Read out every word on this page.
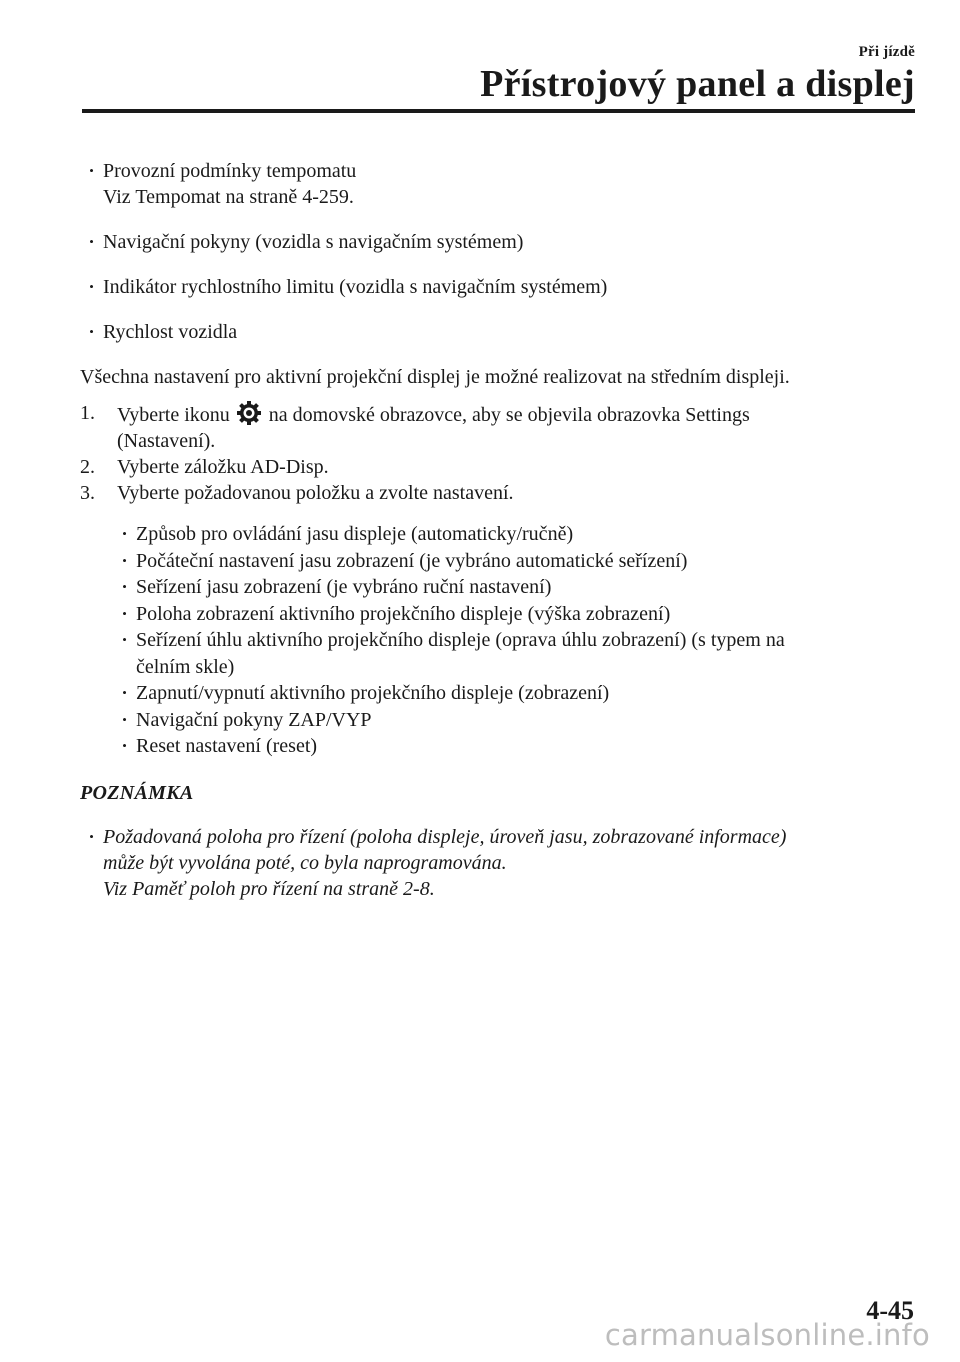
Při jízdě
Přístrojový panel a displej
• Provozní podmínky tempomatu
Viz Tempomat na straně 4-259.
• Navigační pokyny (vozidla s navigačním systémem)
• Indikátor rychlostního limitu (vozidla s navigačním systémem)
• Rychlost vozidla
Všechna nastavení pro aktivní projekční displej je možné realizovat na středním displeji.
1.	Vyberte ikonu na domovské obrazovce, aby se objevila obrazovka Settings
(Nastavení).
2.	Vyberte záložku AD-Disp.
3.	Vyberte požadovanou položku a zvolte nastavení.
• Způsob pro ovládání jasu displeje (automaticky/ručně)
• Počáteční nastavení jasu zobrazení (je vybráno automatické seřízení)
• Seřízení jasu zobrazení (je vybráno ruční nastavení)
• Poloha zobrazení aktivního projekčního displeje (výška zobrazení)
• Seřízení úhlu aktivního projekčního displeje (oprava úhlu zobrazení) (s typem na
čelním skle)
• Zapnutí/vypnutí aktivního projekčního displeje (zobrazení)
• Navigační pokyny ZAP/VYP
• Reset nastavení (reset)
POZNÁMKA
• Požadovaná poloha pro řízení (poloha displeje, úroveň jasu, zobrazované informace)
může být vyvolána poté, co byla naprogramována.
Viz Paměť poloh pro řízení na straně 2-8.
4-45
carmanualsonline.info
